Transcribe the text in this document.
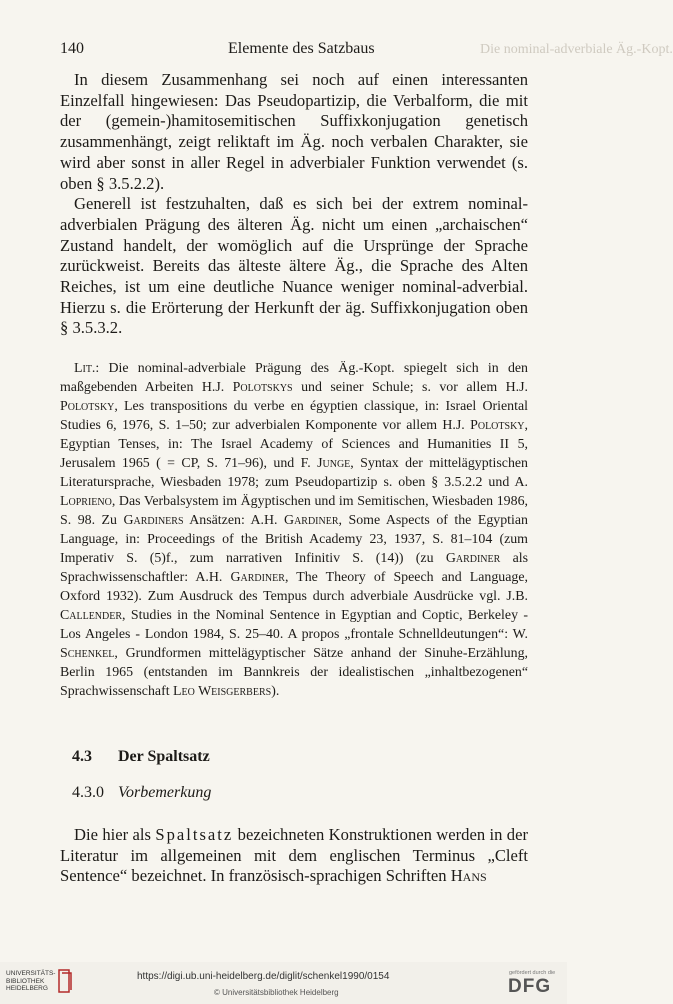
140	Elemente des Satzbaus	Die nominal-adverbiale Äg.-Kopt.

In diesem Zusammenhang sei noch auf einen interessanten Einzelfall hingewiesen: Das Pseudopartizip, die Verbalform, die mit der (gemein-)hamitosemitischen Suffixkonjugation genetisch zusammenhängt, zeigt reliktaft im Äg. noch verbalen Charakter, sie wird aber sonst in aller Regel in adverbialer Funktion verwendet (s. oben § 3.5.2.2).

Generell ist festzuhalten, daß es sich bei der extrem nominal-adverbialen Prägung des älteren Äg. nicht um einen „archaischen“ Zustand handelt, der womöglich auf die Ursprünge der Sprache zurückweist. Bereits das älteste ältere Äg., die Sprache des Alten Reiches, ist um eine deutliche Nuance weniger nominal-adverbial. Hierzu s. die Erörterung der Herkunft der äg. Suffixkonjugation oben § 3.5.3.2.

Lit.: Die nominal-adverbiale Prägung des Äg.-Kopt. spiegelt sich in den maßgebenden Arbeiten H.J. Polotskys und seiner Schule; s. vor allem H.J. Polotsky, Les transpositions du verbe en égyptien classique, in: Israel Oriental Studies 6, 1976, S. 1–50; zur adverbialen Komponente vor allem H.J. Polotsky, Egyptian Tenses, in: The Israel Academy of Sciences and Humanities II 5, Jerusalem 1965 ( = CP, S. 71–96), und F. Junge, Syntax der mittelägyptischen Literatursprache, Wiesbaden 1978; zum Pseudopartizip s. oben § 3.5.2.2 und A. Loprieno, Das Verbalsystem im Ägyptischen und im Semitischen, Wiesbaden 1986, S. 98. Zu Gardiners Ansätzen: A.H. Gardiner, Some Aspects of the Egyptian Language, in: Proceedings of the British Academy 23, 1937, S. 81–104 (zum Imperativ S. (5)f., zum narrativen Infinitiv S. (14)) (zu Gardiner als Sprachwissenschaftler: A.H. Gardiner, The Theory of Speech and Language, Oxford 1932). Zum Ausdruck des Tempus durch adverbiale Ausdrücke vgl. J.B. Callender, Studies in the Nominal Sentence in Egyptian and Coptic, Berkeley - Los Angeles - London 1984, S. 25–40. A propos „frontale Schnelldeutungen“: W. Schenkel, Grundformen mittelägyptischer Sätze anhand der Sinuhe-Erzählung, Berlin 1965 (entstanden im Bannkreis der idealistischen „inhaltbezogenen“ Sprachwissenschaft Leo Weisgerbers).

4.3 Der Spaltsatz
4.3.0 Vorbemerkung

Die hier als Spaltsatz bezeichneten Konstruktionen werden in der Literatur im allgemeinen mit dem englischen Terminus „Cleft Sentence“ bezeichnet. In französisch-sprachigen Schriften Hans

UNIVERSITÄTS-
BIBLIOTHEK
HEIDELBERG
https://digi.ub.uni-heidelberg.de/diglit/schenkel1990/0154
© Universitätsbibliothek Heidelberg
gefördert durch die
DFG
